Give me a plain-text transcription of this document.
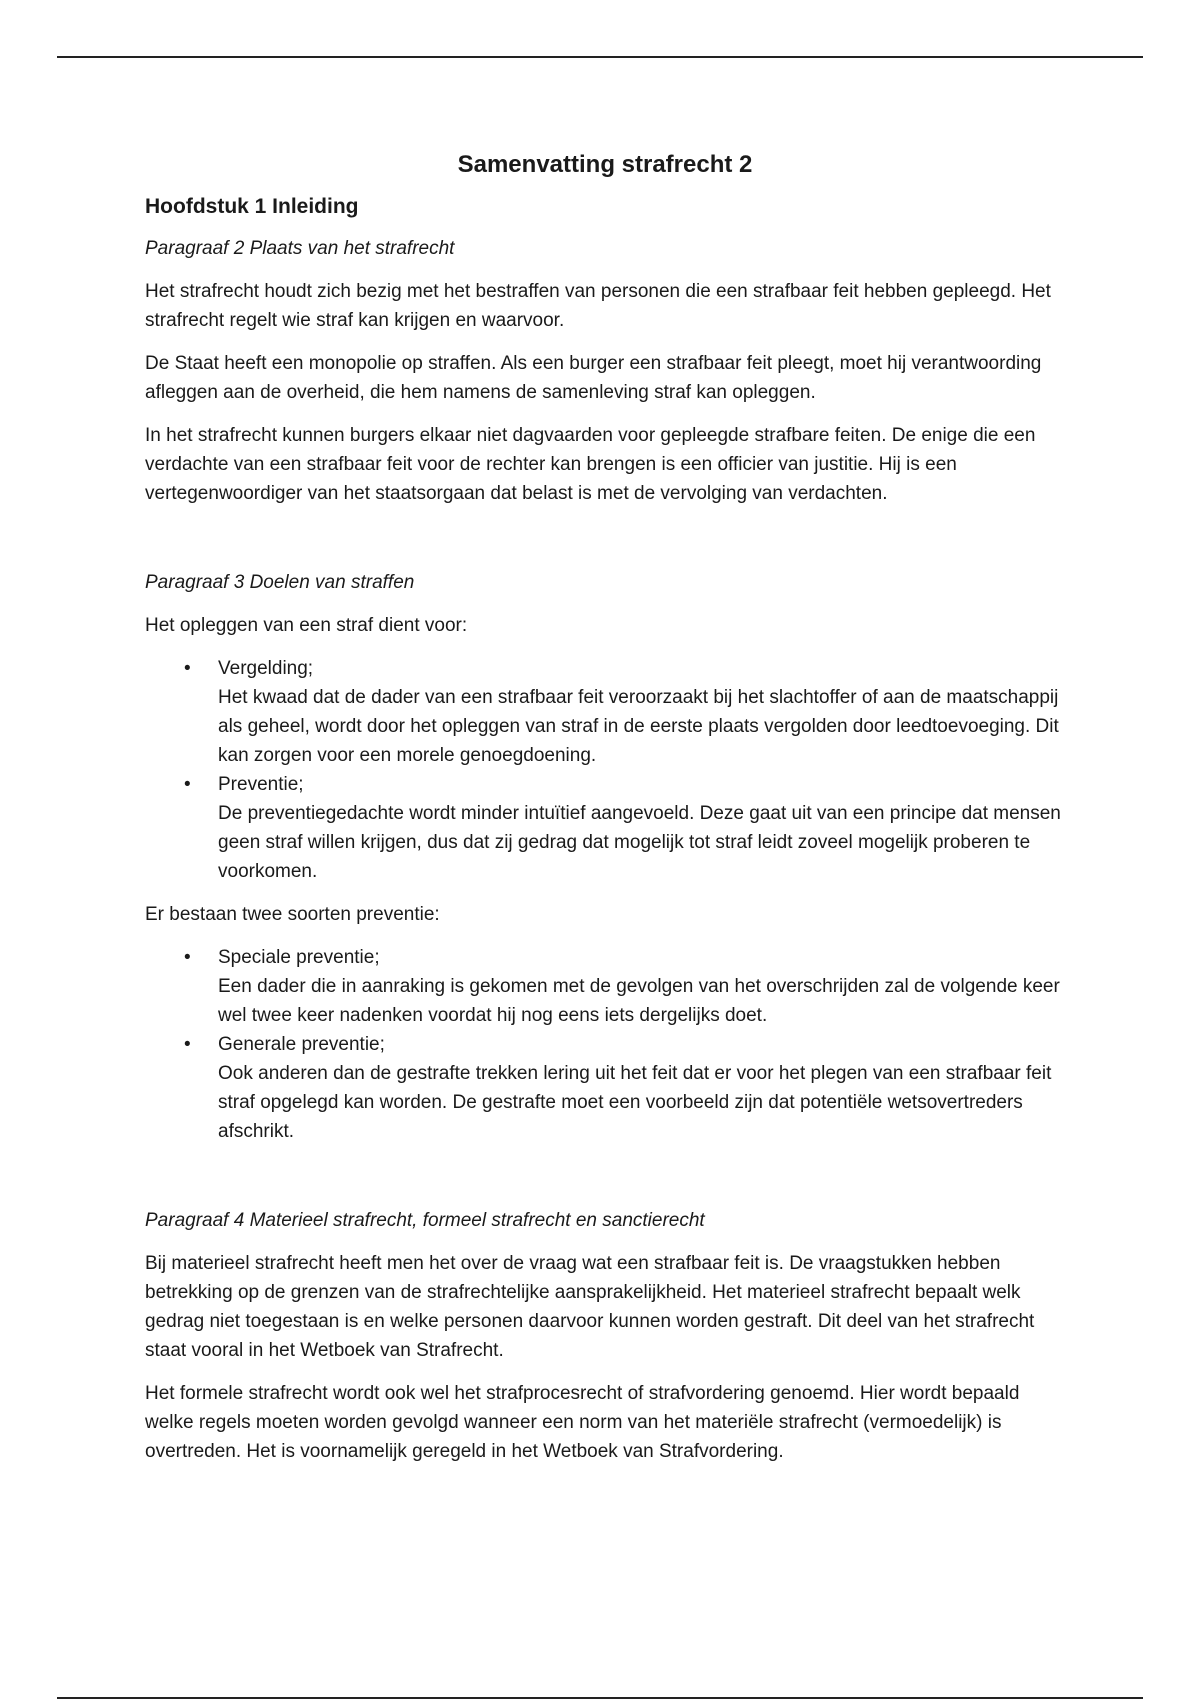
Samenvatting strafrecht 2
Hoofdstuk 1 Inleiding
Paragraaf 2 Plaats van het strafrecht

Het strafrecht houdt zich bezig met het bestraffen van personen die een strafbaar feit hebben gepleegd. Het strafrecht regelt wie straf kan krijgen en waarvoor.

De Staat heeft een monopolie op straffen. Als een burger een strafbaar feit pleegt, moet hij verantwoording afleggen aan de overheid, die hem namens de samenleving straf kan opleggen.

In het strafrecht kunnen burgers elkaar niet dagvaarden voor gepleegde strafbare feiten. De enige die een verdachte van een strafbaar feit voor de rechter kan brengen is een officier van justitie. Hij is een vertegenwoordiger van het staatsorgaan dat belast is met de vervolging van verdachten.

Paragraaf 3 Doelen van straffen

Het opleggen van een straf dient voor:

• Vergelding;
Het kwaad dat de dader van een strafbaar feit veroorzaakt bij het slachtoffer of aan de maatschappij als geheel, wordt door het opleggen van straf in de eerste plaats vergolden door leedtoevoeging. Dit kan zorgen voor een morele genoegdoening.
• Preventie;
De preventiegedachte wordt minder intuïtief aangevoeld. Deze gaat uit van een principe dat mensen geen straf willen krijgen, dus dat zij gedrag dat mogelijk tot straf leidt zoveel mogelijk proberen te voorkomen.

Er bestaan twee soorten preventie:

• Speciale preventie;
Een dader die in aanraking is gekomen met de gevolgen van het overschrijden zal de volgende keer wel twee keer nadenken voordat hij nog eens iets dergelijks doet.
• Generale preventie;
Ook anderen dan de gestrafte trekken lering uit het feit dat er voor het plegen van een strafbaar feit straf opgelegd kan worden. De gestrafte moet een voorbeeld zijn dat potentiële wetsovertreders afschrikt.
Paragraaf 4 Materieel strafrecht, formeel strafrecht en sanctierecht

Bij materieel strafrecht heeft men het over de vraag wat een strafbaar feit is. De vraagstukken hebben betrekking op de grenzen van de strafrechtelijke aansprakelijkheid. Het materieel strafrecht bepaalt welk gedrag niet toegestaan is en welke personen daarvoor kunnen worden gestraft. Dit deel van het strafrecht staat vooral in het Wetboek van Strafrecht.

Het formele strafrecht wordt ook wel het strafprocesrecht of strafvordering genoemd. Hier wordt bepaald welke regels moeten worden gevolgd wanneer een norm van het materiële strafrecht (vermoedelijk) is overtreden. Het is voornamelijk geregeld in het Wetboek van Strafvordering.
